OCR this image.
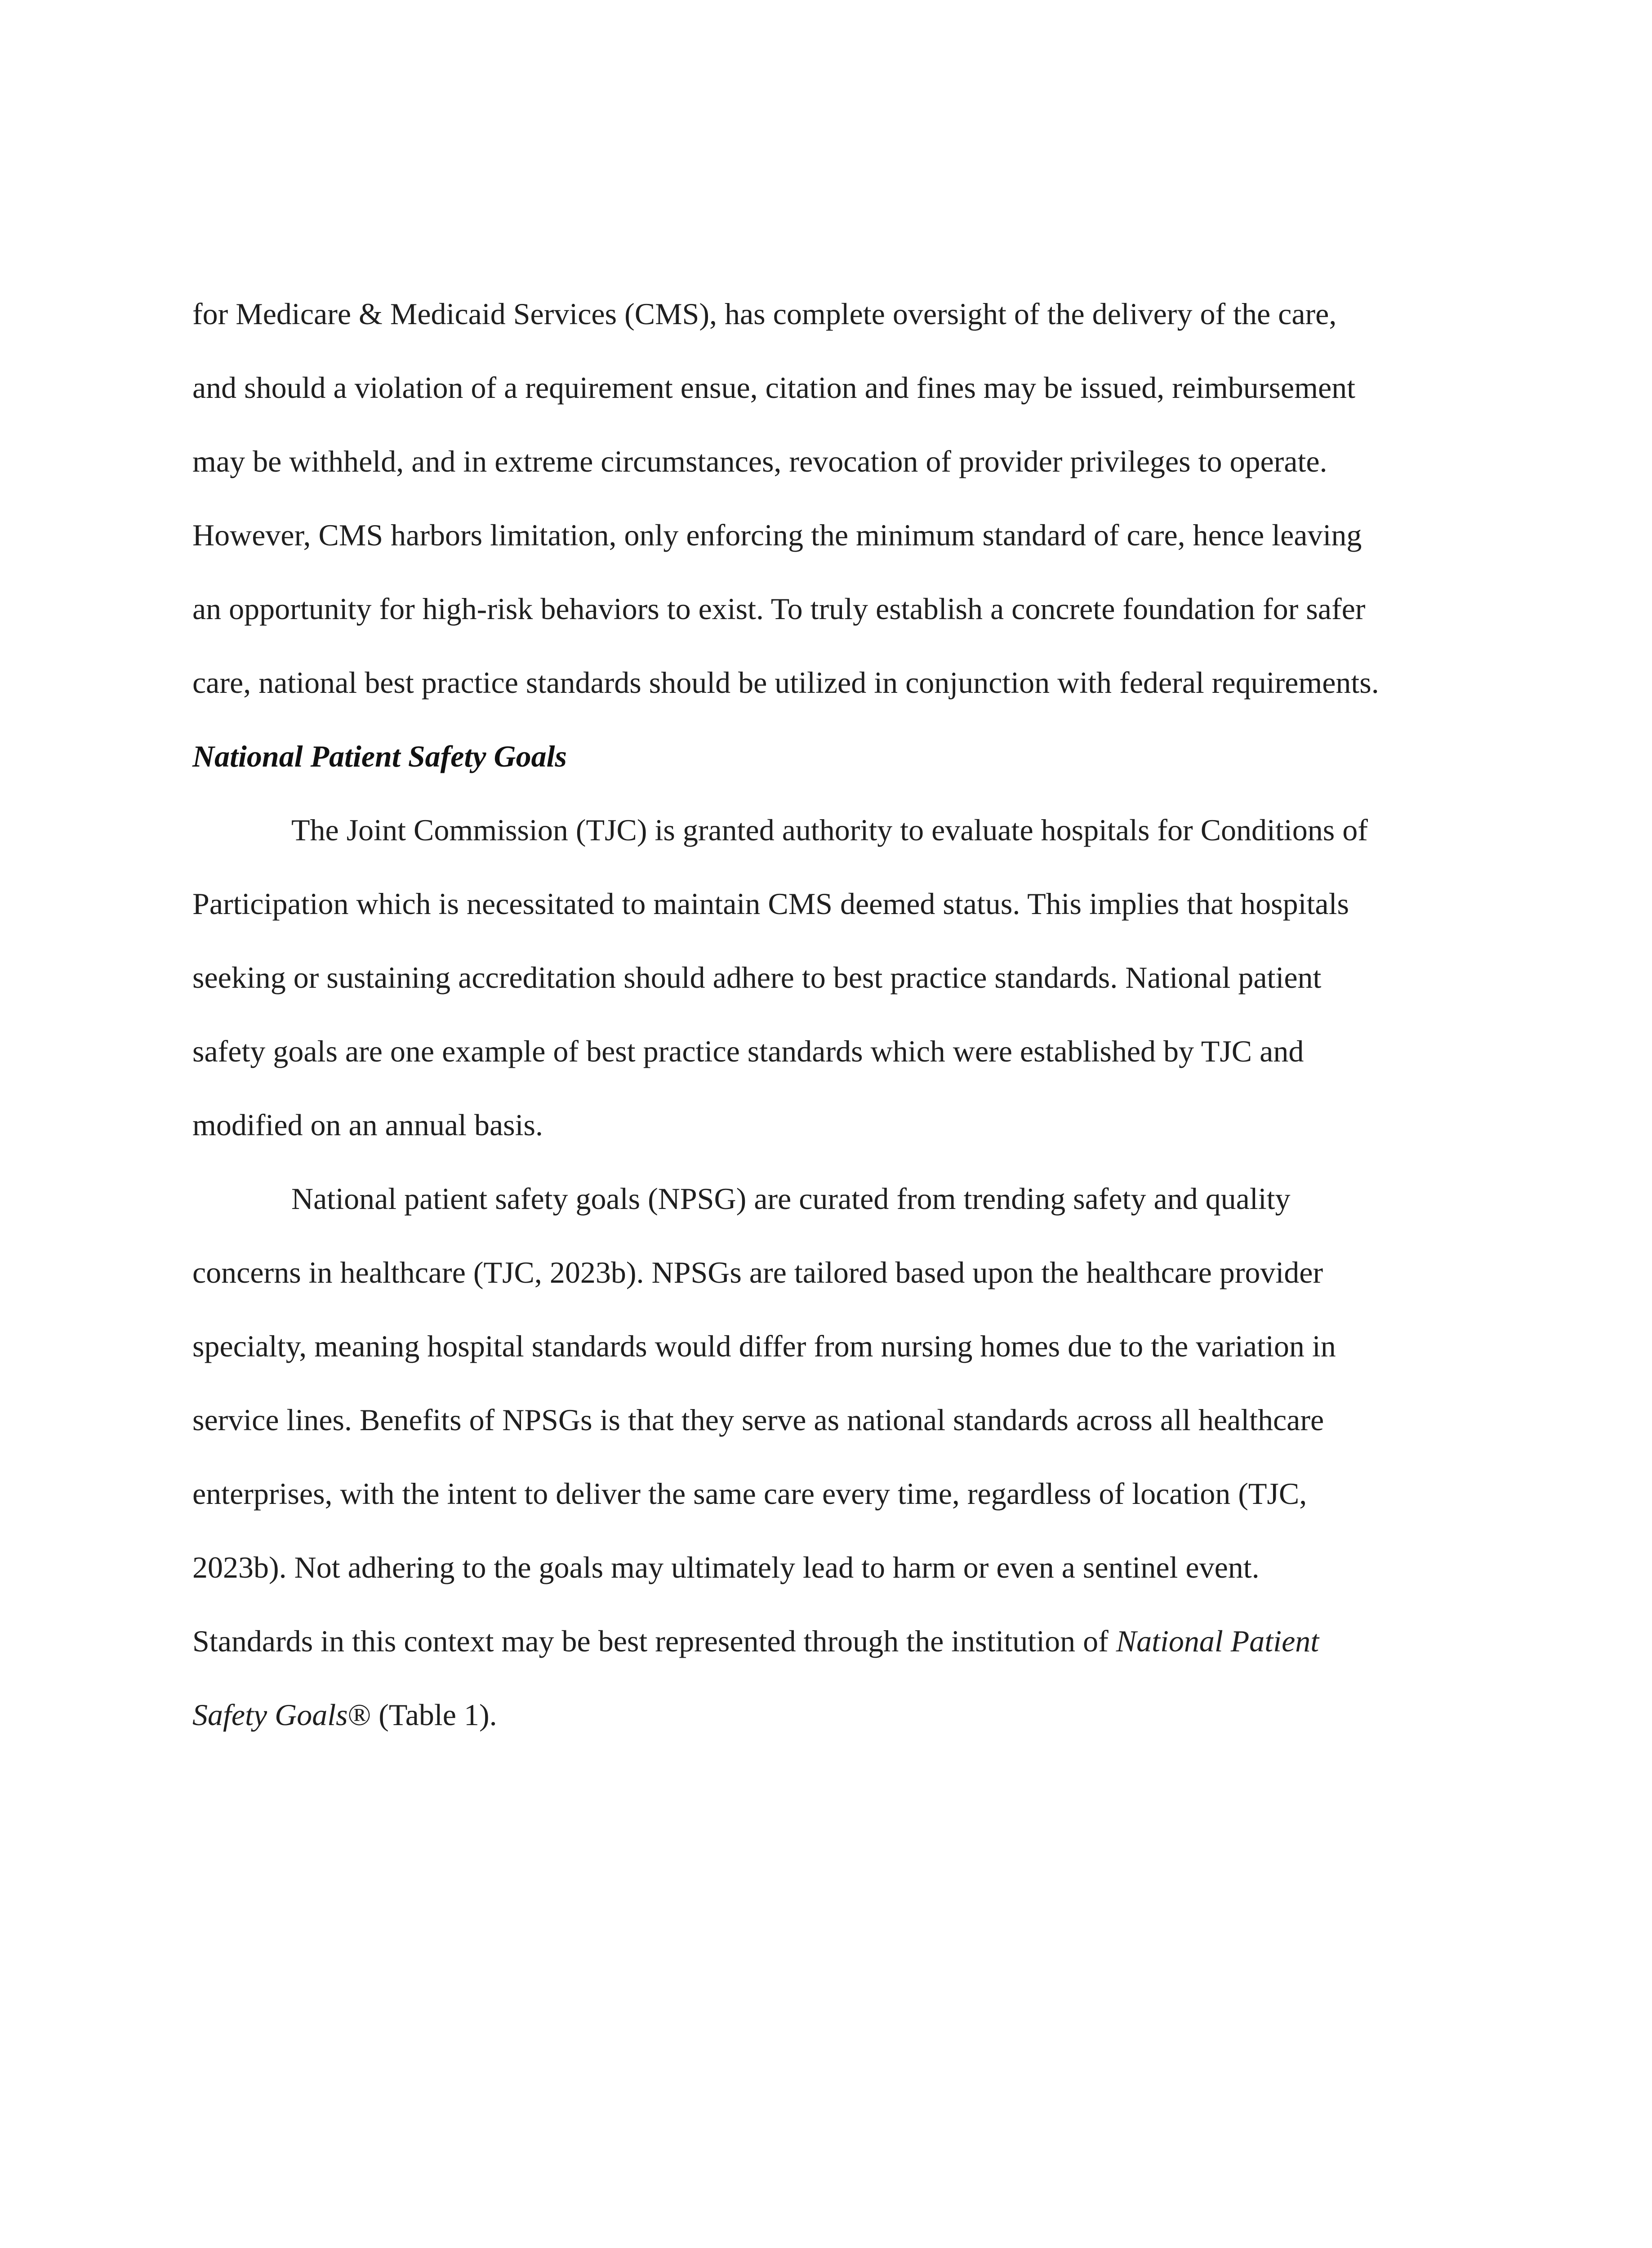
for Medicare & Medicaid Services (CMS), has complete oversight of the delivery of the care,
and should a violation of a requirement ensue, citation and fines may be issued, reimbursement
may be withheld, and in extreme circumstances, revocation of provider privileges to operate.
However, CMS harbors limitation, only enforcing the minimum standard of care, hence leaving
an opportunity for high-risk behaviors to exist. To truly establish a concrete foundation for safer
care, national best practice standards should be utilized in conjunction with federal requirements.
National Patient Safety Goals
The Joint Commission (TJC) is granted authority to evaluate hospitals for Conditions of
Participation which is necessitated to maintain CMS deemed status. This implies that hospitals
seeking or sustaining accreditation should adhere to best practice standards. National patient
safety goals are one example of best practice standards which were established by TJC and
modified on an annual basis.
National patient safety goals (NPSG) are curated from trending safety and quality
concerns in healthcare (TJC, 2023b). NPSGs are tailored based upon the healthcare provider
specialty, meaning hospital standards would differ from nursing homes due to the variation in
service lines. Benefits of NPSGs is that they serve as national standards across all healthcare
enterprises, with the intent to deliver the same care every time, regardless of location (TJC,
2023b). Not adhering to the goals may ultimately lead to harm or even a sentinel event.
Standards in this context may be best represented through the institution of National Patient
Safety Goals® (Table 1).
